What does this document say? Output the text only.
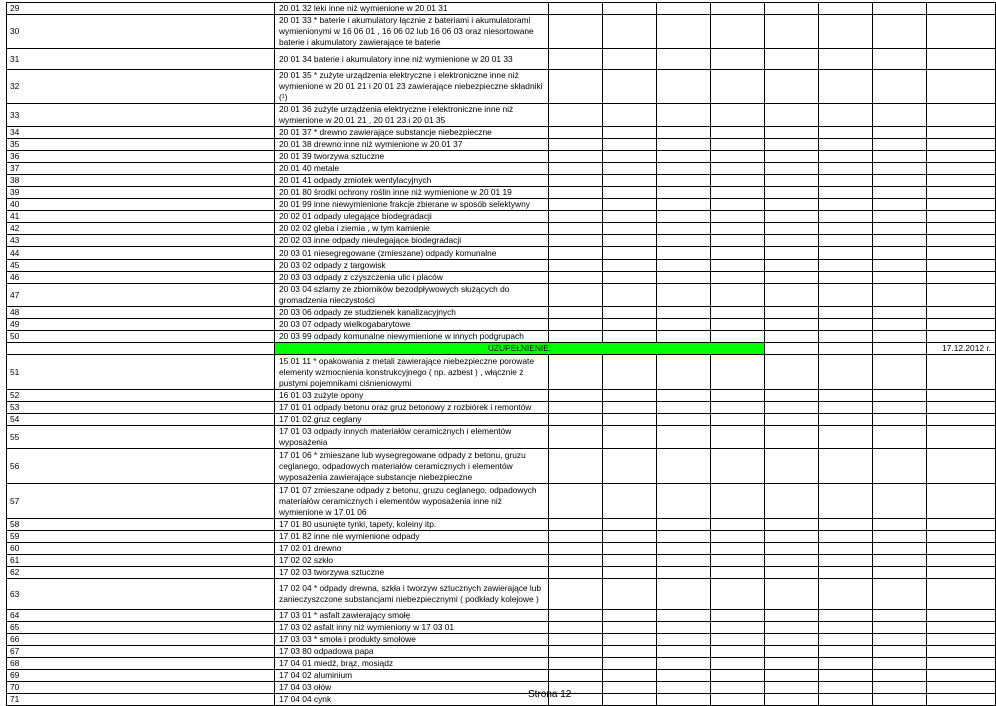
29	20 01 32 leki inne niż wymienione w 20 01 31								
30	20 01 33 * baterie i akumulatory łącznie z bateriami i akumulatorami wymienionymi w 16 06 01 , 16 06 02 lub 16 06 03 oraz niesortowane baterie i akumulatory zawierające te baterie								
31	20 01 34 baterie i akumulatory inne niż wymienione w 20 01 33								
32	20 01 35 * zużyte urządzenia elektryczne i elektroniczne inne niż wymienione w 20 01 21 i 20 01 23 zawierające niebezpieczne składniki (¹)								
33	20 01 36 zużyte urządzenia elektryczne i elektroniczne inne niż wymienione w 20 01 21 , 20 01 23 i 20 01 35								
34	20 01 37 * drewno zawierające substancje niebezpieczne								
35	20 01 38 drewno inne niż wymienione w 20 01 37								
36	20 01 39 tworzywa sztuczne								
37	20 01 40 metale								
38	20 01 41 odpady zmiotek wentylacyjnych								
39	20 01 80 środki ochrony roślin inne niż wymienione w 20 01 19								
40	20 01 99 inne niewymienione frakcje zbierane w sposób selektywny								
41	20 02 01 odpady ulegające biodegradacji								
42	20 02 02 gleba i ziemia , w tym kamienie								
43	20 02 03 inne odpady nieulegające biodegradacji								
44	20 03 01 niesegregowane (zmieszane) odpady komunalne								
45	20 03 02 odpady z targowisk								
46	20 03 03 odpady z czyszczenia ulic i placów								
47	20 03 04 szlamy ze zbiorników bezodpływowych służących do gromadzenia nieczystości								
48	20 03 06 odpady ze studzienek kanalizacyjnych								
49	20 03 07 odpady wielkogabarytowe								
50	20 03 99 odpady komunalne niewymienione w innych podgrupach								
	UZUPEŁNIENIE:								17.12.2012 r.
51	15 01 11 * opakowania z metali zawierające niebezpieczne porowate elementy wzmocnienia konstrukcyjnego ( np. azbest ) , włącznie z pustymi pojemnikami ciśnieniowymi								
52	16 01 03 zużyte opony								
53	17 01 01 odpady betonu oraz gruz betonowy z rozbiórek i remontów								
54	17 01 02 gruz ceglany								
55	17 01 03 odpady innych materiałów ceramicznych i elementów wyposażenia								
56	17 01 06 * zmieszane lub wysegregowane odpady z betonu, gruzu ceglanego, odpadowych materiałów ceramicznych i elementów wyposażenia zawierające substancje niebezpieczne								
57	17 01 07 zmieszane odpady z betonu, gruzu ceglanego, odpadowych materiałów ceramicznych i elementów wyposażenia inne niż wymienione w 17 01 06								
58	17 01 80 usunięte tynki, tapety, koleiny itp.								
59	17 01 82 inne nie wymienione odpady								
60	17 02 01 drewno								
61	17 02 02 szkło								
62	17 02 03 tworzywa sztuczne								
63	17 02 04 * odpady drewna, szkła i tworzyw sztucznych zawierające lub zanieczyszczone substancjami niebezpiecznymi ( podkłady kolejowe )								
64	17 03 01 * asfalt zawierający smołę								
65	17 03 02 asfalt inny niż wymieniony w 17 03 01								
66	17 03 03 * smoła i produkty smołowe								
67	17 03 80 odpadowa papa								
68	17 04 01 miedź, brąz, mosiądz								
69	17 04 02 aluminium								
70	17 04 03 ołów								
71	17 04 04 cynk									Strona 12
